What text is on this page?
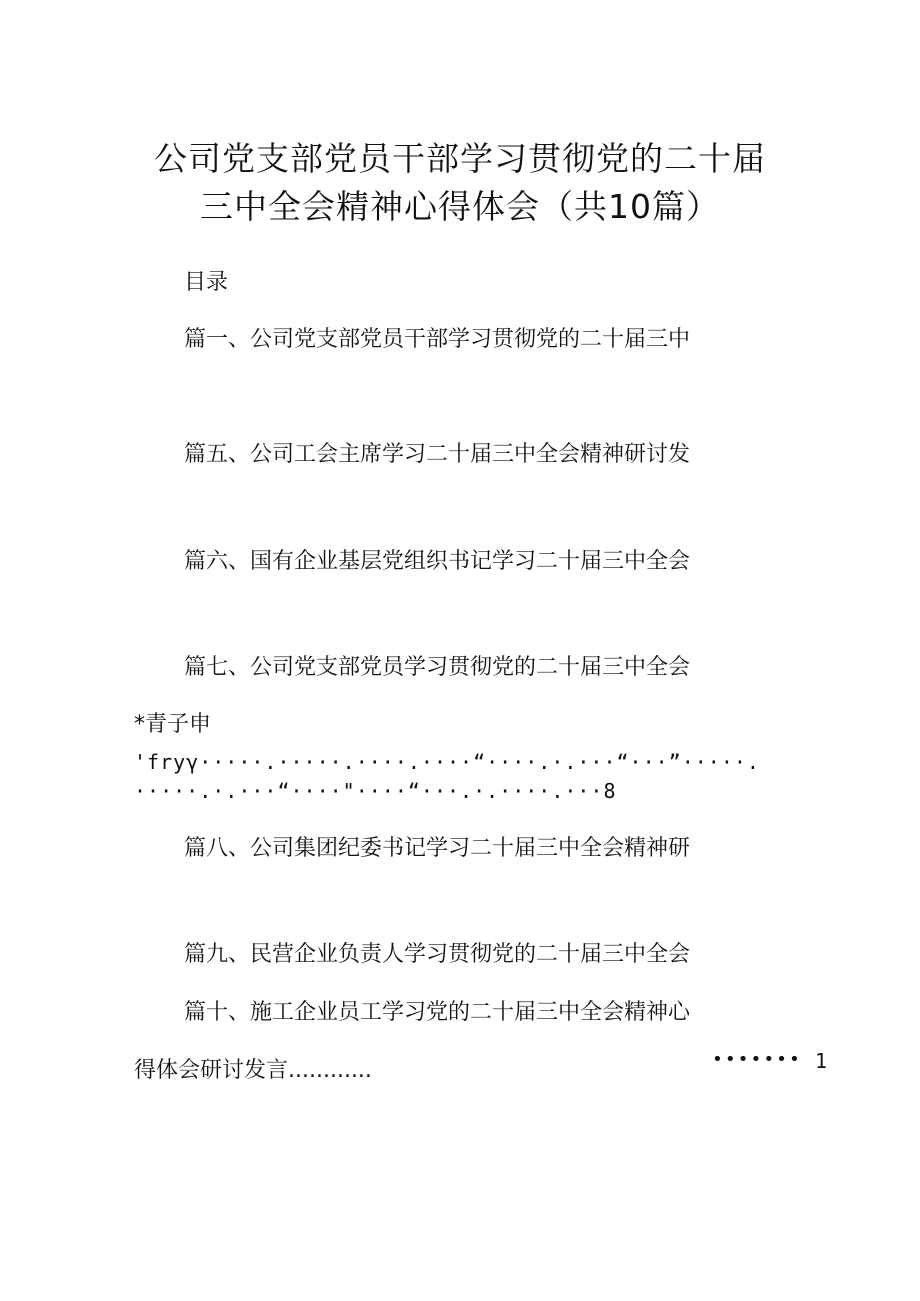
公司党支部党员干部学习贯彻党的二十届
三中全会精神心得体会（共10篇）
目录
篇一、公司党支部党员干部学习贯彻党的二十届三中
篇五、公司工会主席学习二十届三中全会精神研讨发
篇六、国有企业基层党组织书记学习二十届三中全会
篇七、公司党支部党员学习贯彻党的二十届三中全会
*青子申
'fryγ·····.·····.····.····“····.·.···“···”·····.
·····.·.···“····"····“···.·.····.···8
篇八、公司集团纪委书记学习二十届三中全会精神研
篇九、民营企业负责人学习贯彻党的二十届三中全会
篇十、施工企业员工学习党的二十届三中全会精神心
得体会研讨发言............	••••••• 1
